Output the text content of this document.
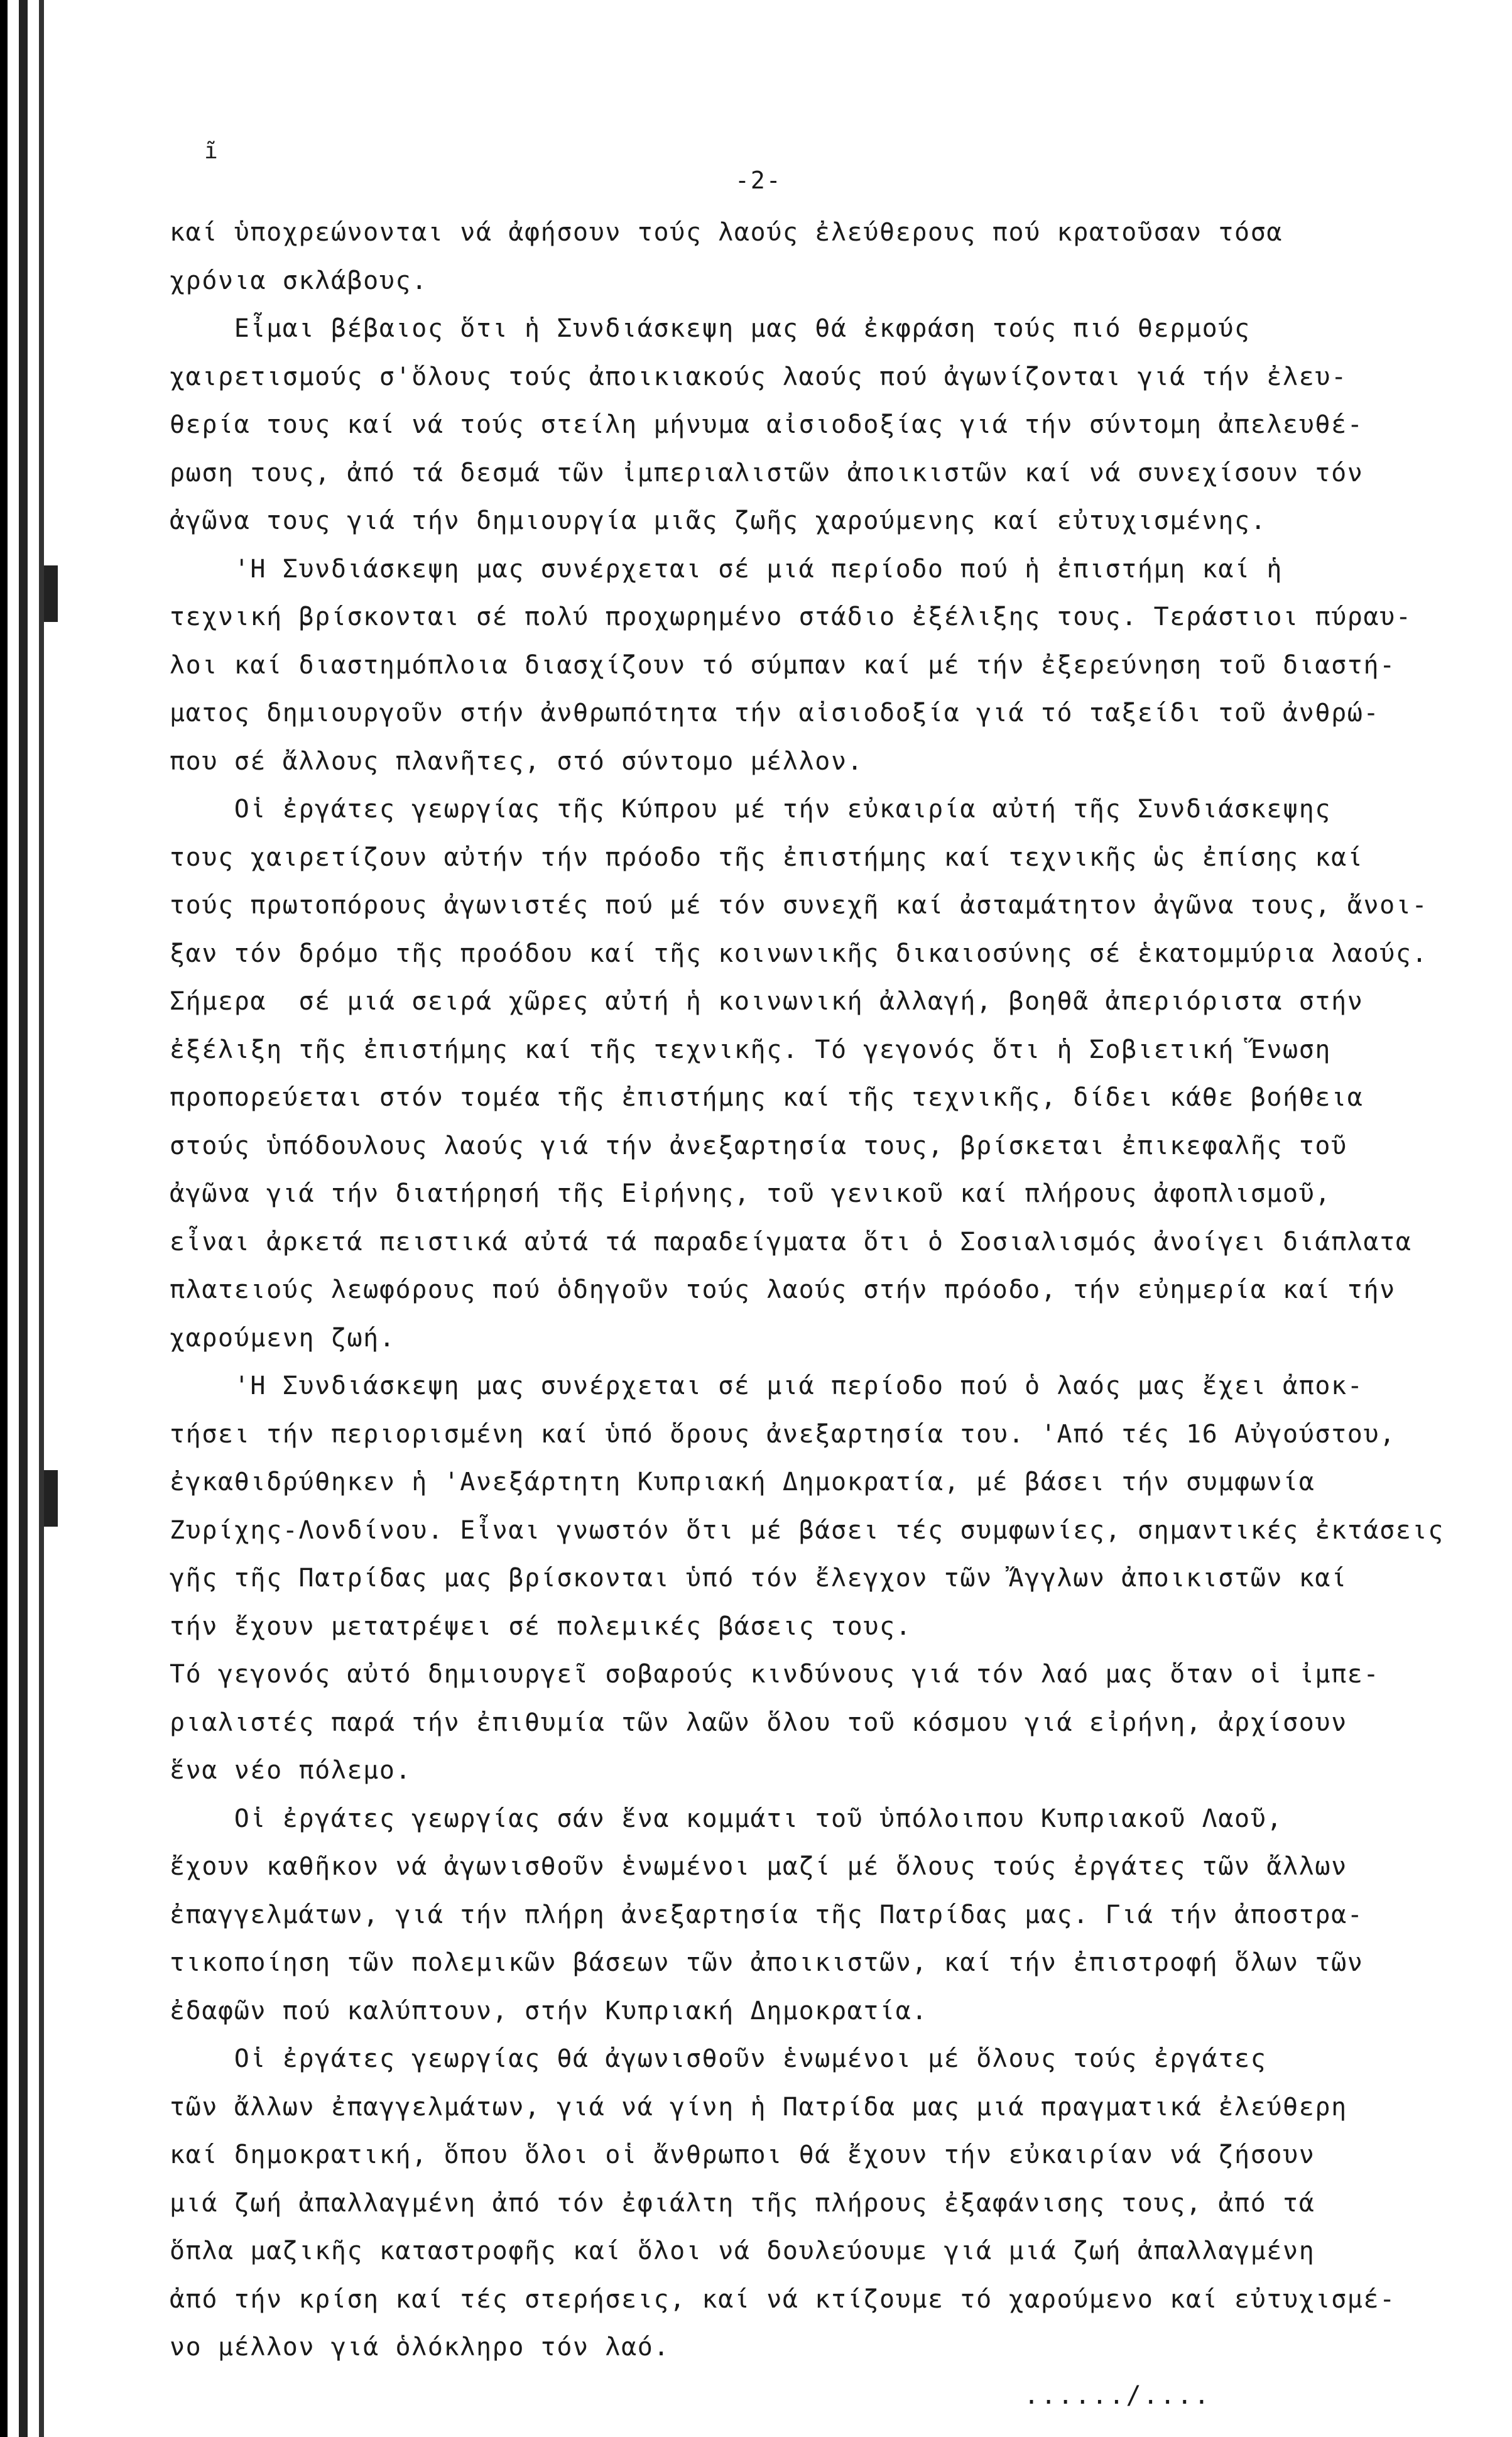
ĩ
-2-
καί ὑποχρεώνονται νά ἀφήσουν τούς λαούς ἐλεύθερους πού κρατοῦσαν τόσα
χρόνια σκλάβους.
Εἶμαι βέβαιος ὅτι ἡ Συνδιάσκεψη μας θά ἐκφράση τούς πιό θερμούς
χαιρετισμούς σ'ὅλους τούς ἀποικιακούς λαούς πού ἀγωνίζονται γιά τήν ἐλευ-
θερία τους καί νά τούς στείλη μήνυμα αἰσιοδοξίας γιά τήν σύντομη ἀπελευθέ-
ρωση τους, ἀπό τά δεσμά τῶν ἰμπεριαλιστῶν ἀποικιστῶν καί νά συνεχίσουν τόν
ἀγῶνα τους γιά τήν δημιουργία μιᾶς ζωῆς χαρούμενης καί εὐτυχισμένης.
'Η Συνδιάσκεψη μας συνέρχεται σέ μιά περίοδο πού ἡ ἐπιστήμη καί ἡ
τεχνική βρίσκονται σέ πολύ προχωρημένο στάδιο ἐξέλιξης τους. Τεράστιοι πύραυ-
λοι καί διαστημόπλοια διασχίζουν τό σύμπαν καί μέ τήν ἐξερεύνηση τοῦ διαστή-
ματος δημιουργοῦν στήν ἀνθρωπότητα τήν αἰσιοδοξία γιά τό ταξείδι τοῦ ἀνθρώ-
που σέ ἄλλους πλανῆτες, στό σύντομο μέλλον.
Οἱ ἐργάτες γεωργίας τῆς Κύπρου μέ τήν εὐκαιρία αὐτή τῆς Συνδιάσκεψης
τους χαιρετίζουν αὐτήν τήν πρόοδο τῆς ἐπιστήμης καί τεχνικῆς ὡς ἐπίσης καί
τούς πρωτοπόρους ἀγωνιστές πού μέ τόν συνεχῆ καί ἀσταμάτητον ἀγῶνα τους, ἄνοι-
ξαν τόν δρόμο τῆς προόδου καί τῆς κοινωνικῆς δικαιοσύνης σέ ἑκατομμύρια λαούς.
Σήμερα  σέ μιά σειρά χῶρες αὐτή ἡ κοινωνική ἀλλαγή, βοηθᾶ ἀπεριόριστα στήν
ἐξέλιξη τῆς ἐπιστήμης καί τῆς τεχνικῆς. Τό γεγονός ὅτι ἡ Σοβιετική Ἕνωση
προπορεύεται στόν τομέα τῆς ἐπιστήμης καί τῆς τεχνικῆς, δίδει κάθε βοήθεια
στούς ὑπόδουλους λαούς γιά τήν ἀνεξαρτησία τους, βρίσκεται ἐπικεφαλῆς τοῦ
ἀγῶνα γιά τήν διατήρησή τῆς Εἰρήνης, τοῦ γενικοῦ καί πλήρους ἀφοπλισμοῦ,
εἶναι ἀρκετά πειστικά αὐτά τά παραδείγματα ὅτι ὁ Σοσιαλισμός ἀνοίγει διάπλατα
πλατειούς λεωφόρους πού ὁδηγοῦν τούς λαούς στήν πρόοδο, τήν εὐημερία καί τήν
χαρούμενη ζωή.
'Η Συνδιάσκεψη μας συνέρχεται σέ μιά περίοδο πού ὁ λαός μας ἔχει ἀποκ-
τήσει τήν περιορισμένη καί ὑπό ὅρους ἀνεξαρτησία του. 'Από τές 16 Αὐγούστου,
ἐγκαθιδρύθηκεν ἡ 'Ανεξάρτητη Κυπριακή Δημοκρατία, μέ βάσει τήν συμφωνία
Ζυρίχης-Λονδίνου. Εἶναι γνωστόν ὅτι μέ βάσει τές συμφωνίες, σημαντικές ἐκτάσεις
γῆς τῆς Πατρίδας μας βρίσκονται ὑπό τόν ἔλεγχον τῶν Ἄγγλων ἀποικιστῶν καί
τήν ἔχουν μετατρέψει σέ πολεμικές βάσεις τους.
Τό γεγονός αὐτό δημιουργεῖ σοβαρούς κινδύνους γιά τόν λαό μας ὅταν οἱ ἰμπε-
ριαλιστές παρά τήν ἐπιθυμία τῶν λαῶν ὅλου τοῦ κόσμου γιά εἰρήνη, ἀρχίσουν
ἕνα νέο πόλεμο.
Οἱ ἐργάτες γεωργίας σάν ἕνα κομμάτι τοῦ ὑπόλοιπου Κυπριακοῦ Λαοῦ,
ἔχουν καθῆκον νά ἀγωνισθοῦν ἑνωμένοι μαζί μέ ὅλους τούς ἐργάτες τῶν ἄλλων
ἐπαγγελμάτων, γιά τήν πλήρη ἀνεξαρτησία τῆς Πατρίδας μας. Γιά τήν ἀποστρα-
τικοποίηση τῶν πολεμικῶν βάσεων τῶν ἀποικιστῶν, καί τήν ἐπιστροφή ὅλων τῶν
ἐδαφῶν πού καλύπτουν, στήν Κυπριακή Δημοκρατία.
Οἱ ἐργάτες γεωργίας θά ἀγωνισθοῦν ἑνωμένοι μέ ὅλους τούς ἐργάτες
τῶν ἄλλων ἐπαγγελμάτων, γιά νά γίνη ἡ Πατρίδα μας μιά πραγματικά ἐλεύθερη
καί δημοκρατική, ὅπου ὅλοι οἱ ἄνθρωποι θά ἔχουν τήν εὐκαιρίαν νά ζήσουν
μιά ζωή ἀπαλλαγμένη ἀπό τόν ἐφιάλτη τῆς πλήρους ἐξαφάνισης τους, ἀπό τά
ὅπλα μαζικῆς καταστροφῆς καί ὅλοι νά δουλεύουμε γιά μιά ζωή ἀπαλλαγμένη
ἀπό τήν κρίση καί τές στερήσεις, καί νά κτίζουμε τό χαρούμενο καί εὐτυχισμέ-
νο μέλλον γιά ὁλόκληρο τόν λαό.
....../....
